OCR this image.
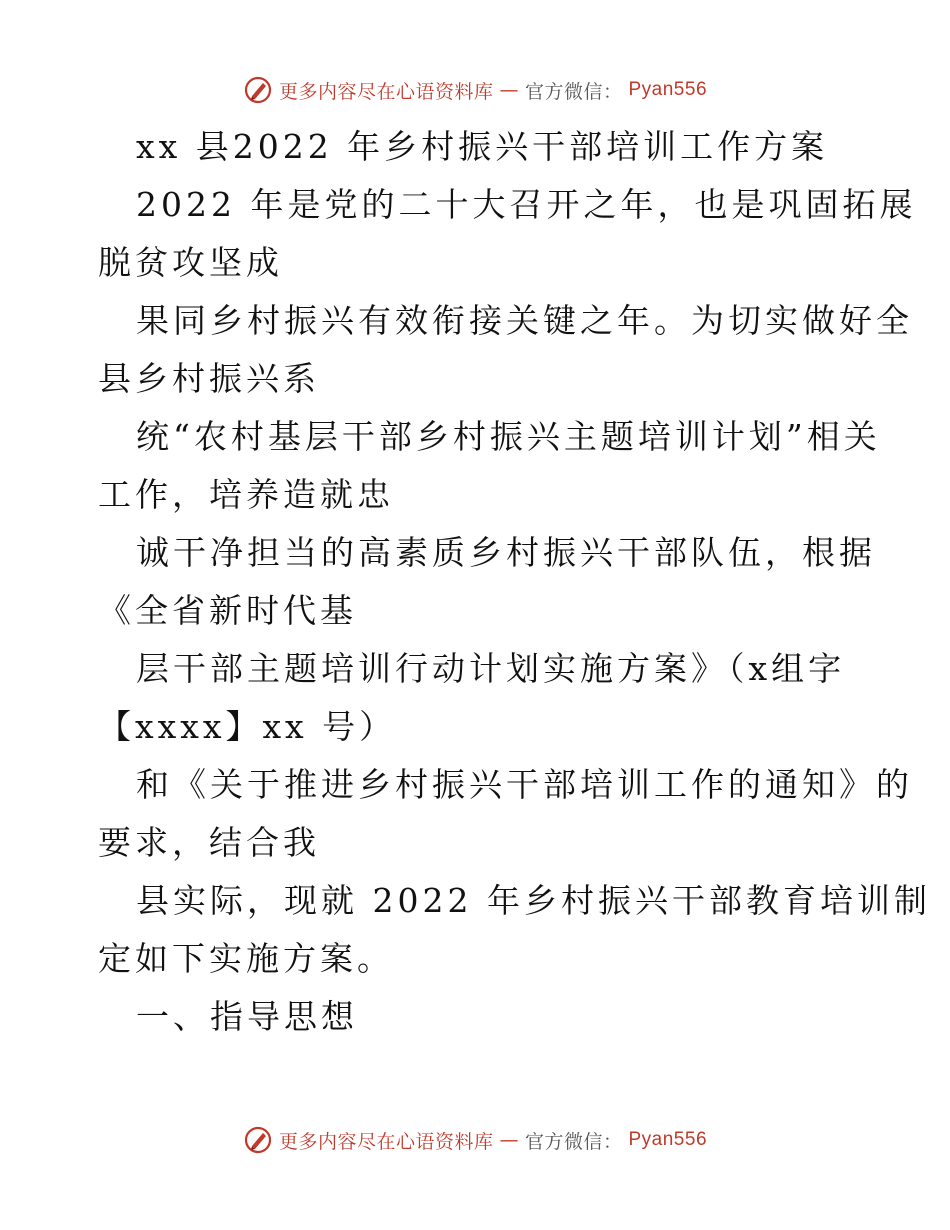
更多内容尽在心语资料库 — 官方微信： Pyan556
xx 县2022 年乡村振兴干部培训工作方案
2022 年是党的二十大召开之年，也是巩固拓展
脱贫攻坚成
果同乡村振兴有效衔接关键之年。为切实做好全
县乡村振兴系
统“农村基层干部乡村振兴主题培训计划”相关
工作，培养造就忠
诚干净担当的高素质乡村振兴干部队伍，根据
《全省新时代基
层干部主题培训行动计划实施方案》（x组字
【xxxx】xx 号）
和《关于推进乡村振兴干部培训工作的通知》的
要求，结合我
县实际，现就 2022 年乡村振兴干部教育培训制
定如下实施方案。
一、指导思想
更多内容尽在心语资料库 — 官方微信： Pyan556
